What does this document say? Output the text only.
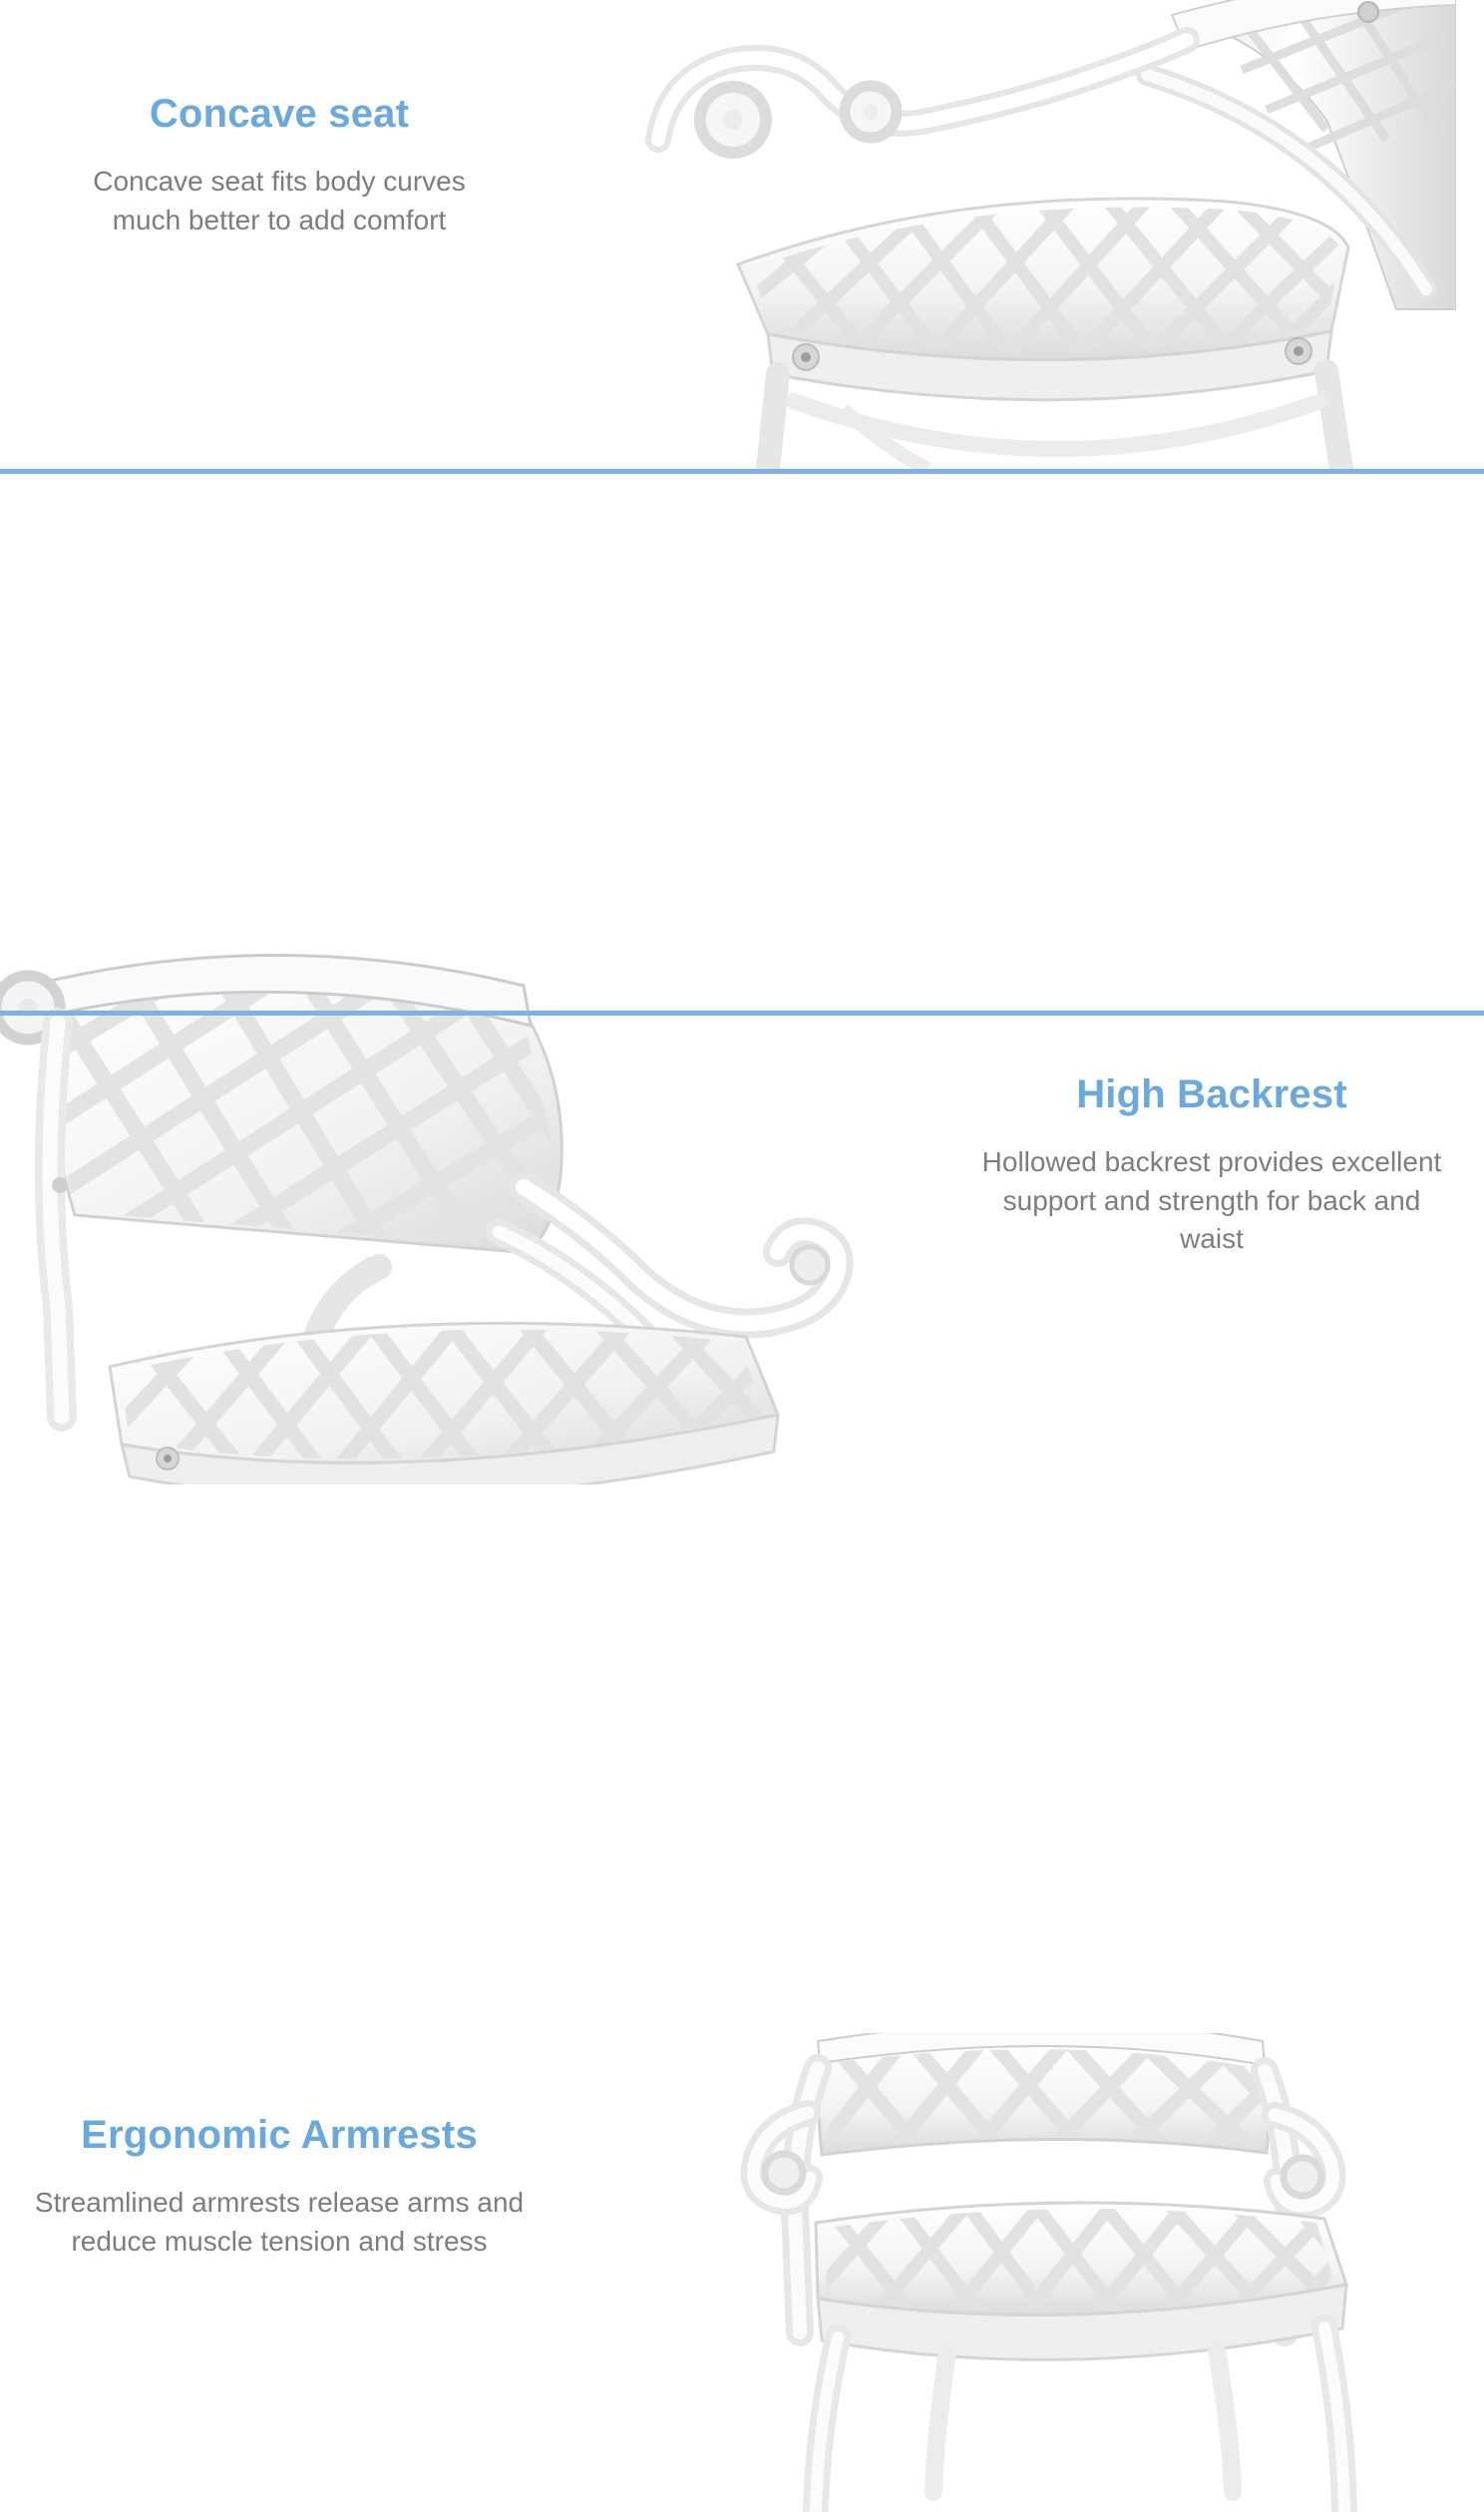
Concave seat

Concave seat fits body curves much better to add comfort

High Backrest

Hollowed backrest provides excellent support and strength for back and waist

Ergonomic Armrests

Streamlined armrests release arms and reduce muscle tension and stress
